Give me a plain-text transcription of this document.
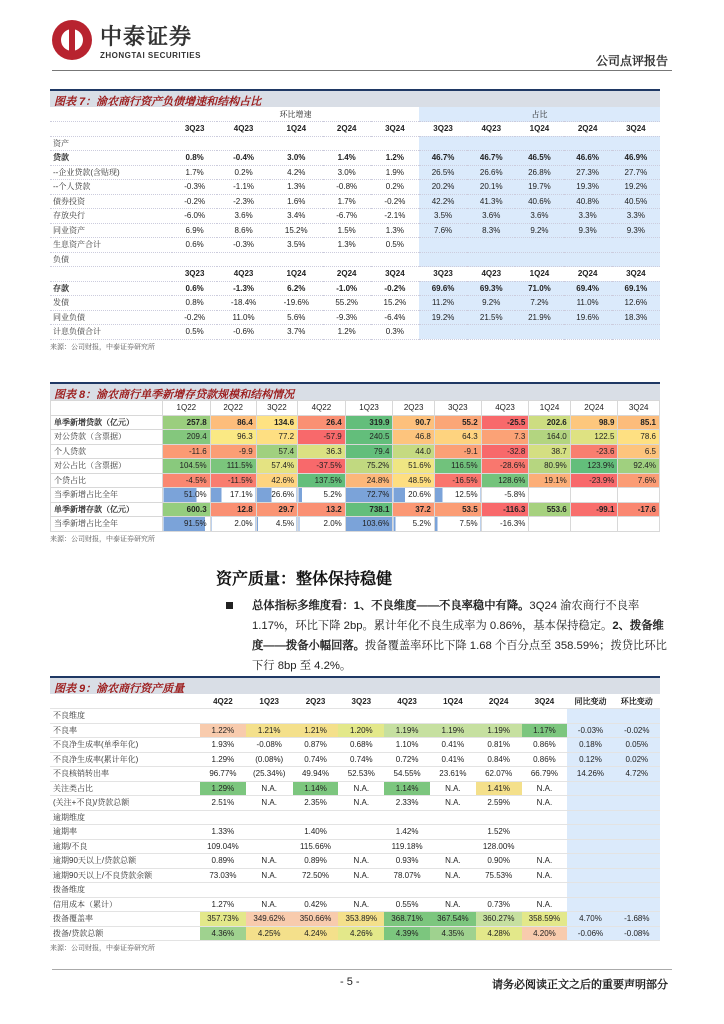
中泰证券
ZHONGTAI SECURITIES	公司点评报告
图表 7：渝农商行资产负债增速和结构占比
	环比增速					占比				
	3Q23	4Q23	1Q24	2Q24	3Q24	3Q23	4Q23	1Q24	2Q24	3Q24
资产										
贷款	0.8%	-0.4%	3.0%	1.4%	1.2%	46.7%	46.7%	46.5%	46.6%	46.9%
--企业贷款(含贴现)	1.7%	0.2%	4.2%	3.0%	1.9%	26.5%	26.6%	26.8%	27.3%	27.7%
--个人贷款	-0.3%	-1.1%	1.3%	-0.8%	0.2%	20.2%	20.1%	19.7%	19.3%	19.2%
债券投资	-0.2%	-2.3%	1.6%	1.7%	-0.2%	42.2%	41.3%	40.6%	40.8%	40.5%
存放央行	-6.0%	3.6%	3.4%	-6.7%	-2.1%	3.5%	3.6%	3.6%	3.3%	3.3%
同业资产	6.9%	8.6%	15.2%	1.5%	1.3%	7.6%	8.3%	9.2%	9.3%	9.3%
生息资产合计	0.6%	-0.3%	3.5%	1.3%	0.5%					
负债										
	3Q23	4Q23	1Q24	2Q24	3Q24	3Q23	4Q23	1Q24	2Q24	3Q24
存款	0.6%	-1.3%	6.2%	-1.0%	-0.2%	69.6%	69.3%	71.0%	69.4%	69.1%
发债	0.8%	-18.4%	-19.6%	55.2%	15.2%	11.2%	9.2%	7.2%	11.0%	12.6%
同业负债	-0.2%	11.0%	5.6%	-9.3%	-6.4%	19.2%	21.5%	21.9%	19.6%	18.3%
计息负债合计	0.5%	-0.6%	3.7%	1.2%	0.3%					
来源：公司财报，中泰证券研究所
图表 8：渝农商行单季新增存贷款规模和结构情况
	1Q22	2Q22	3Q22	4Q22	1Q23	2Q23	3Q23	4Q23	1Q24	2Q24	3Q24
单季新增贷款（亿元）	257.8	86.4	134.6	26.4	319.9	90.7	55.2	-25.5	202.6	98.9	85.1
对公贷款（含票据）	209.4	96.3	77.2	-57.9	240.5	46.8	64.3	7.3	164.0	122.5	78.6
个人贷款	-11.6	-9.9	57.4	36.3	79.4	44.0	-9.1	-32.8	38.7	-23.6	6.5
对公占比（含票据）	104.5%	111.5%	57.4%	-37.5%	75.2%	51.6%	116.5%	-28.6%	80.9%	123.9%	92.4%
个贷占比	-4.5%	-11.5%	42.6%	137.5%	24.8%	48.5%	-16.5%	128.6%	19.1%	-23.9%	7.6%
当季新增占比全年	51.0%	17.1%	26.6%	5.2%	72.7%	20.6%	12.5%	-5.8%			
单季新增存款（亿元）	600.3	12.8	29.7	13.2	738.1	37.2	53.5	-116.3	553.6	-99.1	-17.6
当季新增占比全年	91.5%	2.0%	4.5%	2.0%	103.6%	5.2%	7.5%	-16.3%			
来源：公司财报，中泰证券研究所
资产质量：整体保持稳健
总体指标多维度看：1、不良维度——不良率稳中有降。3Q24 渝农商行不良率 1.17%，环比下降 2bp。累计年化不良生成率为 0.86%，基本保持稳定。2、拨备维度——拨备小幅回落。拨备覆盖率环比下降 1.68 个百分点至 358.59%；拨贷比环比下行 8bp 至 4.2%。
图表 9：渝农商行资产质量
	4Q22	1Q23	2Q23	3Q23	4Q23	1Q24	2Q24	3Q24	同比变动	环比变动
不良维度										
不良率	1.22%	1.21%	1.21%	1.20%	1.19%	1.19%	1.19%	1.17%	-0.03%	-0.02%
不良净生成率(单季年化)	1.93%	-0.08%	0.87%	0.68%	1.10%	0.41%	0.81%	0.86%	0.18%	0.05%
不良净生成率(累计年化)	1.29%	(0.08%)	0.74%	0.74%	0.72%	0.41%	0.84%	0.86%	0.12%	0.02%
不良核销转出率	96.77%	(25.34%)	49.94%	52.53%	54.55%	23.61%	62.07%	66.79%	14.26%	4.72%
关注类占比	1.29%	N.A.	1.14%	N.A.	1.14%	N.A.	1.41%	N.A.		
(关注+不良)/贷款总额	2.51%	N.A.	2.35%	N.A.	2.33%	N.A.	2.59%	N.A.		
逾期维度										
逾期率	1.33%		1.40%		1.42%		1.52%			
逾期/不良	109.04%		115.66%		119.18%		128.00%			
逾期90天以上/贷款总额	0.89%	N.A.	0.89%	N.A.	0.93%	N.A.	0.90%	N.A.		
逾期90天以上/不良贷款余额	73.03%	N.A.	72.50%	N.A.	78.07%	N.A.	75.53%	N.A.		
拨备维度										
信用成本（累计）	1.27%	N.A.	0.42%	N.A.	0.55%	N.A.	0.73%	N.A.		
拨备覆盖率	357.73%	349.62%	350.66%	353.89%	368.71%	367.54%	360.27%	358.59%	4.70%	-1.68%
拨备/贷款总额	4.36%	4.25%	4.24%	4.26%	4.39%	4.35%	4.28%	4.20%	-0.06%	-0.08%
来源：公司财报，中泰证券研究所
- 5 -	请务必阅读正文之后的重要声明部分
